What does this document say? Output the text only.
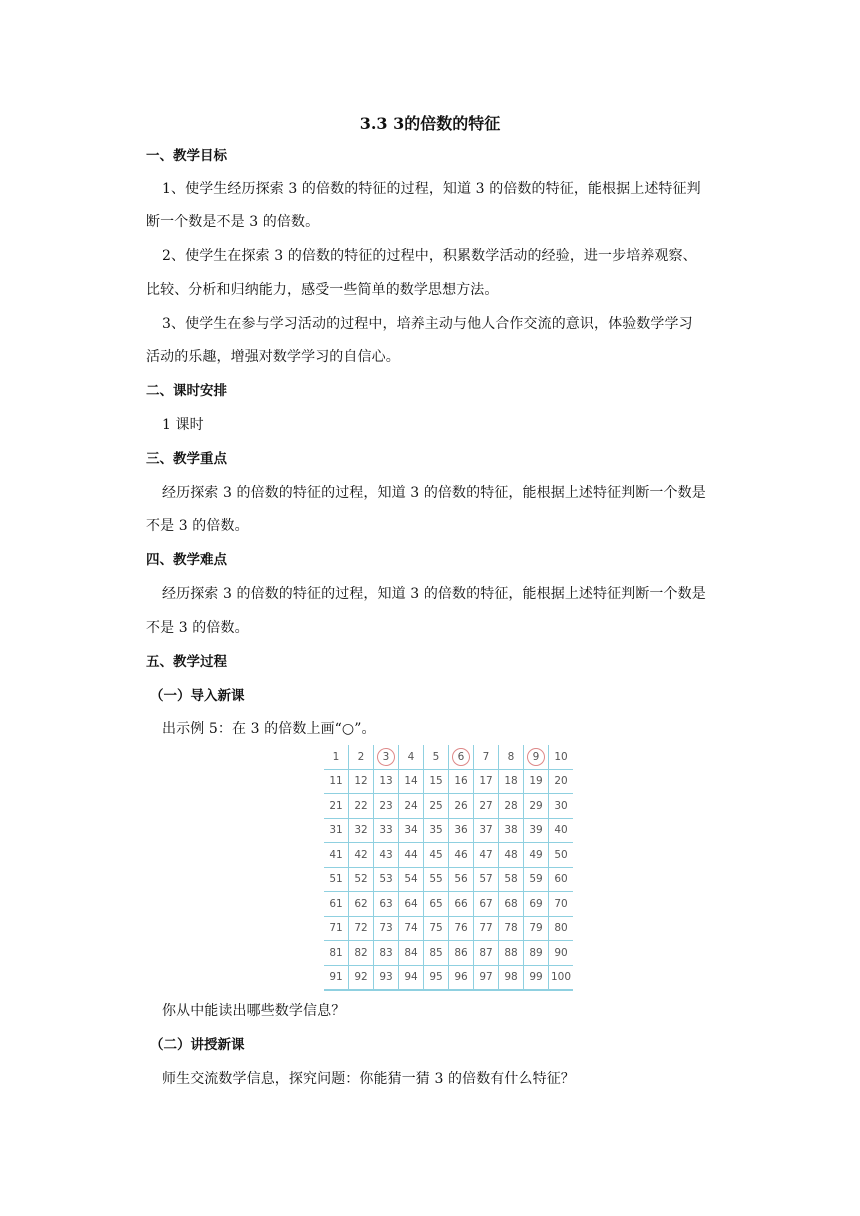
3.3 3的倍数的特征
一、教学目标
1、使学生经历探索 3 的倍数的特征的过程，知道 3 的倍数的特征，能根据上述特征判
断一个数是不是 3 的倍数。
2、使学生在探索 3 的倍数的特征的过程中，积累数学活动的经验，进一步培养观察、
比较、分析和归纳能力，感受一些简单的数学思想方法。
3、使学生在参与学习活动的过程中，培养主动与他人合作交流的意识，体验数学学习
活动的乐趣，增强对数学学习的自信心。
二、课时安排
1 课时
三、教学重点
经历探索 3 的倍数的特征的过程，知道 3 的倍数的特征，能根据上述特征判断一个数是
不是 3 的倍数。
四、教学难点
经历探索 3 的倍数的特征的过程，知道 3 的倍数的特征，能根据上述特征判断一个数是
不是 3 的倍数。
五、教学过程
（一）导入新课
出示例 5：在 3 的倍数上画“○”。
1	2	3	4	5	6	7	8	9	10
11	12	13	14	15	16	17	18	19	20
21	22	23	24	25	26	27	28	29	30
31	32	33	34	35	36	37	38	39	40
41	42	43	44	45	46	47	48	49	50
51	52	53	54	55	56	57	58	59	60
61	62	63	64	65	66	67	68	69	70
71	72	73	74	75	76	77	78	79	80
81	82	83	84	85	86	87	88	89	90
91	92	93	94	95	96	97	98	99	100
你从中能读出哪些数学信息？
（二）讲授新课
师生交流数学信息，探究问题：你能猜一猜 3 的倍数有什么特征？
